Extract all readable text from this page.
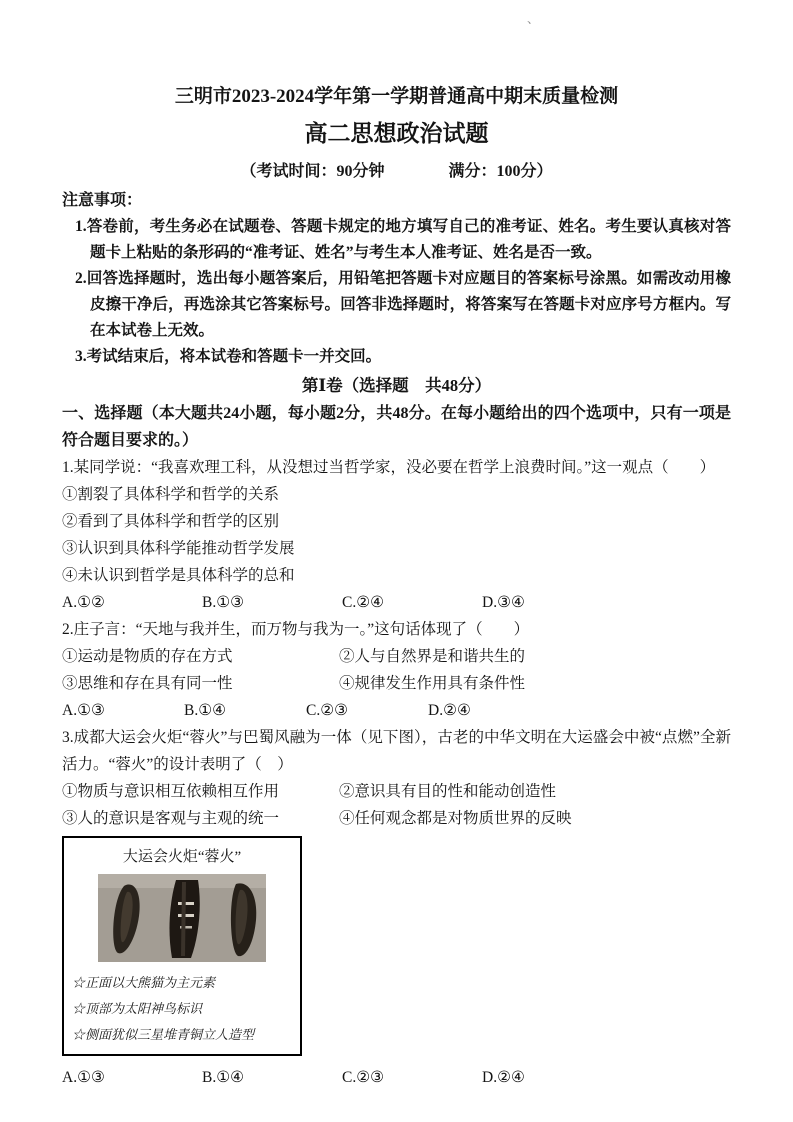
、
三明市2023-2024学年第一学期普通高中期末质量检测
高二思想政治试题
（考试时间：90分钟　　　　满分：100分）
注意事项：

1.答卷前，考生务必在试题卷、答题卡规定的地方填写自己的准考证、姓名。考生要认真核对答题卡上粘贴的条形码的“准考证、姓名”与考生本人准考证、姓名是否一致。

2.回答选择题时，选出每小题答案后，用铅笔把答题卡对应题目的答案标号涂黑。如需改动用橡皮擦干净后，再选涂其它答案标号。回答非选择题时，将答案写在答题卡对应序号方框内。写在本试卷上无效。

3.考试结束后，将本试卷和答题卡一并交回。

第Ⅰ卷（选择题　共48分）

一、选择题（本大题共24小题，每小题2分，共48分。在每小题给出的四个选项中，只有一项是符合题目要求的。）

1.某同学说：“我喜欢理工科，从没想过当哲学家，没必要在哲学上浪费时间。”这一观点（　　）

①割裂了具体科学和哲学的关系
②看到了具体科学和哲学的区别
③认识到具体科学能推动哲学发展
④未认识到哲学是具体科学的总和
A.①②	B.①③	C.②④	D.③④

2.庄子言：“天地与我并生，而万物与我为一。”这句话体现了（　　）

①运动是物质的存在方式	②人与自然界是和谐共生的
③思维和存在具有同一性	④规律发生作用具有条件性
A.①③	B.①④	C.②③	D.②④

3.成都大运会火炬“蓉火”与巴蜀风融为一体（见下图），古老的中华文明在大运盛会中被“点燃”全新活力。“蓉火”的设计表明了（　）

①物质与意识相互依赖相互作用	②意识具有目的性和能动创造性
③人的意识是客观与主观的统一	④任何观念都是对物质世界的反映
大运会火炬“蓉火”
☆正面以大熊猫为主元素
☆顶部为太阳神鸟标识
☆侧面犹似三星堆青铜立人造型
A.①③	B.①④	C.②③	D.②④
